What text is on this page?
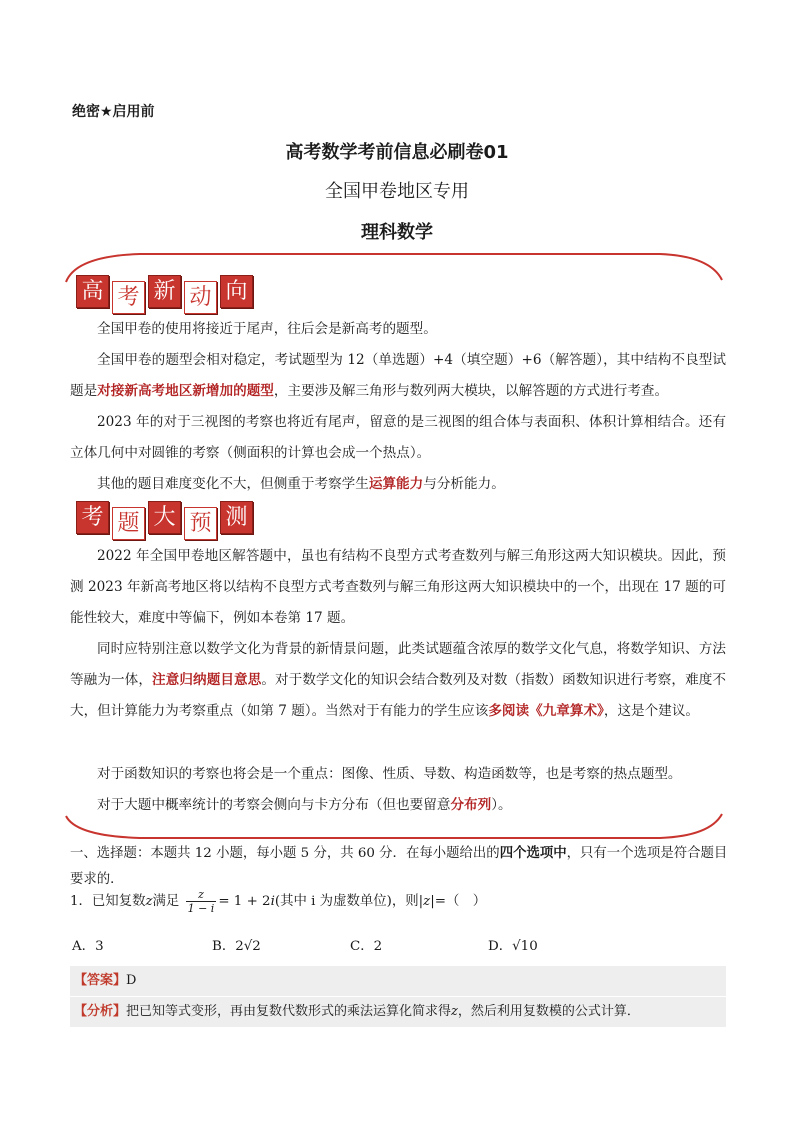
绝密★启用前
高考数学考前信息必刷卷01
全国甲卷地区专用
理科数学
高 考 新 动 向
全国甲卷的使用将接近于尾声，往后会是新高考的题型。
全国甲卷的题型会相对稳定，考试题型为 12（单选题）+4（填空题）+6（解答题），其中结构不良型试题是对接新高考地区新增加的题型，主要涉及解三角形与数列两大模块，以解答题的方式进行考查。
2023 年的对于三视图的考察也将近有尾声，留意的是三视图的组合体与表面积、体积计算相结合。还有立体几何中对圆锥的考察（侧面积的计算也会成一个热点）。
其他的题目难度变化不大，但侧重于考察学生运算能力与分析能力。
考 题 大 预 测
2022 年全国甲卷地区解答题中，虽也有结构不良型方式考查数列与解三角形这两大知识模块。因此，预测 2023 年新高考地区将以结构不良型方式考查数列与解三角形这两大知识模块中的一个，出现在 17 题的可能性较大，难度中等偏下，例如本卷第 17 题。
同时应特别注意以数学文化为背景的新情景问题，此类试题蕴含浓厚的数学文化气息，将数学知识、方法等融为一体，注意归纳题目意思。对于数学文化的知识会结合数列及对数（指数）函数知识进行考察，难度不大，但计算能力为考察重点（如第 7 题）。当然对于有能力的学生应该多阅读《九章算术》，这是个建议。
对于函数知识的考察也将会是一个重点：图像、性质、导数、构造函数等，也是考察的热点题型。
对于大题中概率统计的考察会侧向与卡方分布（但也要留意分布列）。
一、选择题：本题共 12 小题，每小题 5 分，共 60 分．在每小题给出的四个选项中，只有一个选项是符合题目要求的．
1．已知复数z满足 $\frac{z}{1 - i} = 1 + 2i$(其中 i 为虚数单位)，则|z|=（　）
A．3	B．2√2	C．2	D．√10
【答案】D
【分析】把已知等式变形，再由复数代数形式的乘法运算化简求得z，然后利用复数模的公式计算．
